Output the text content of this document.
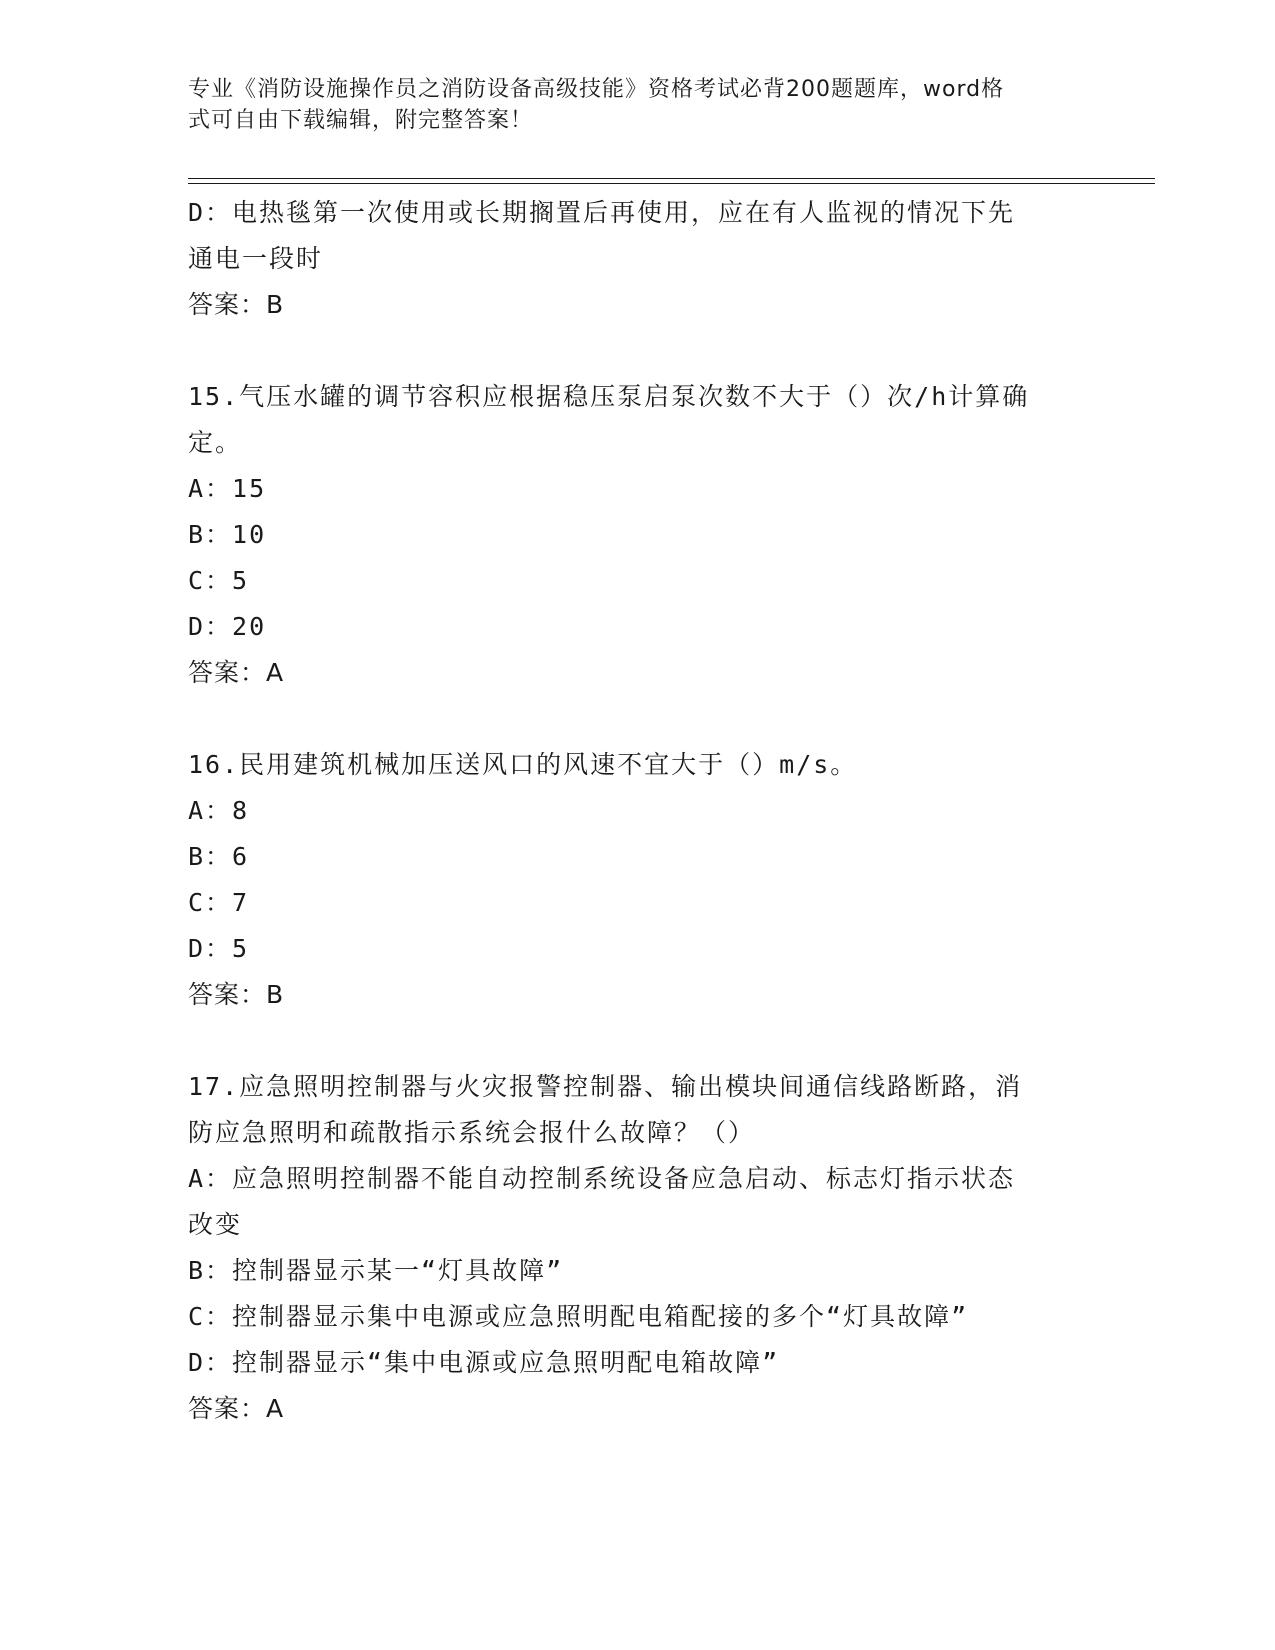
专业《消防设施操作员之消防设备高级技能》资格考试必背200题题库，word格
式可自由下载编辑，附完整答案！
D：电热毯第一次使用或长期搁置后再使用，应在有人监视的情况下先
通电一段时
答案：B
15.气压水罐的调节容积应根据稳压泵启泵次数不大于（）次/h计算确
定。
A：15
B：10
C：5
D：20
答案：A
16.民用建筑机械加压送风口的风速不宜大于（）m/s。
A：8
B：6
C：7
D：5
答案：B
17.应急照明控制器与火灾报警控制器、输出模块间通信线路断路，消
防应急照明和疏散指示系统会报什么故障？（）
A：应急照明控制器不能自动控制系统设备应急启动、标志灯指示状态
改变
B：控制器显示某一“灯具故障”
C：控制器显示集中电源或应急照明配电箱配接的多个“灯具故障”
D：控制器显示“集中电源或应急照明配电箱故障”
答案：A
